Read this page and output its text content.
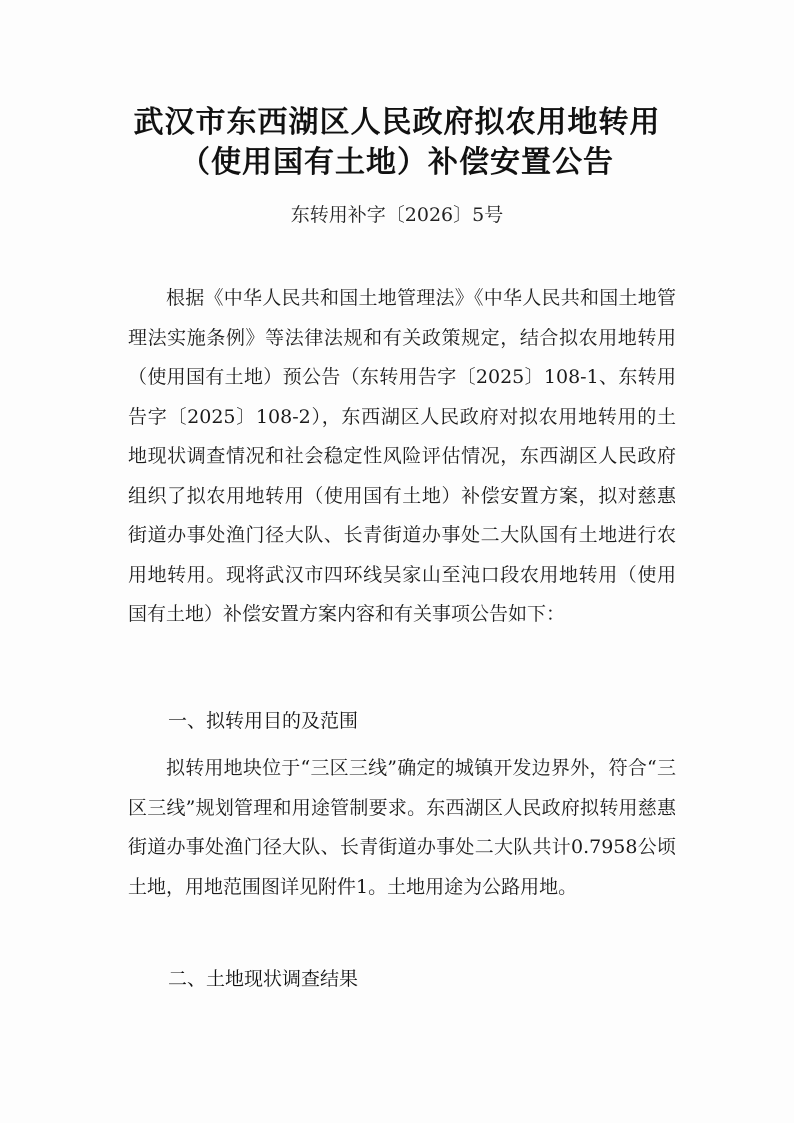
武汉市东西湖区人民政府拟农用地转用
（使用国有土地）补偿安置公告
东转用补字〔2026〕5号

根据《中华人民共和国土地管理法》《中华人民共和国土地管理法实施条例》等法律法规和有关政策规定，结合拟农用地转用（使用国有土地）预公告（东转用告字〔2025〕108-1、东转用告字〔2025〕108-2），东西湖区人民政府对拟农用地转用的土地现状调查情况和社会稳定性风险评估情况，东西湖区人民政府组织了拟农用地转用（使用国有土地）补偿安置方案，拟对慈惠街道办事处渔门径大队、长青街道办事处二大队国有土地进行农用地转用。现将武汉市四环线吴家山至沌口段农用地转用（使用国有土地）补偿安置方案内容和有关事项公告如下：

一、拟转用目的及范围

拟转用地块位于“三区三线”确定的城镇开发边界外，符合“三区三线”规划管理和用途管制要求。东西湖区人民政府拟转用慈惠街道办事处渔门径大队、长青街道办事处二大队共计0.7958公顷土地，用地范围图详见附件1。土地用途为公路用地。

二、土地现状调查结果
